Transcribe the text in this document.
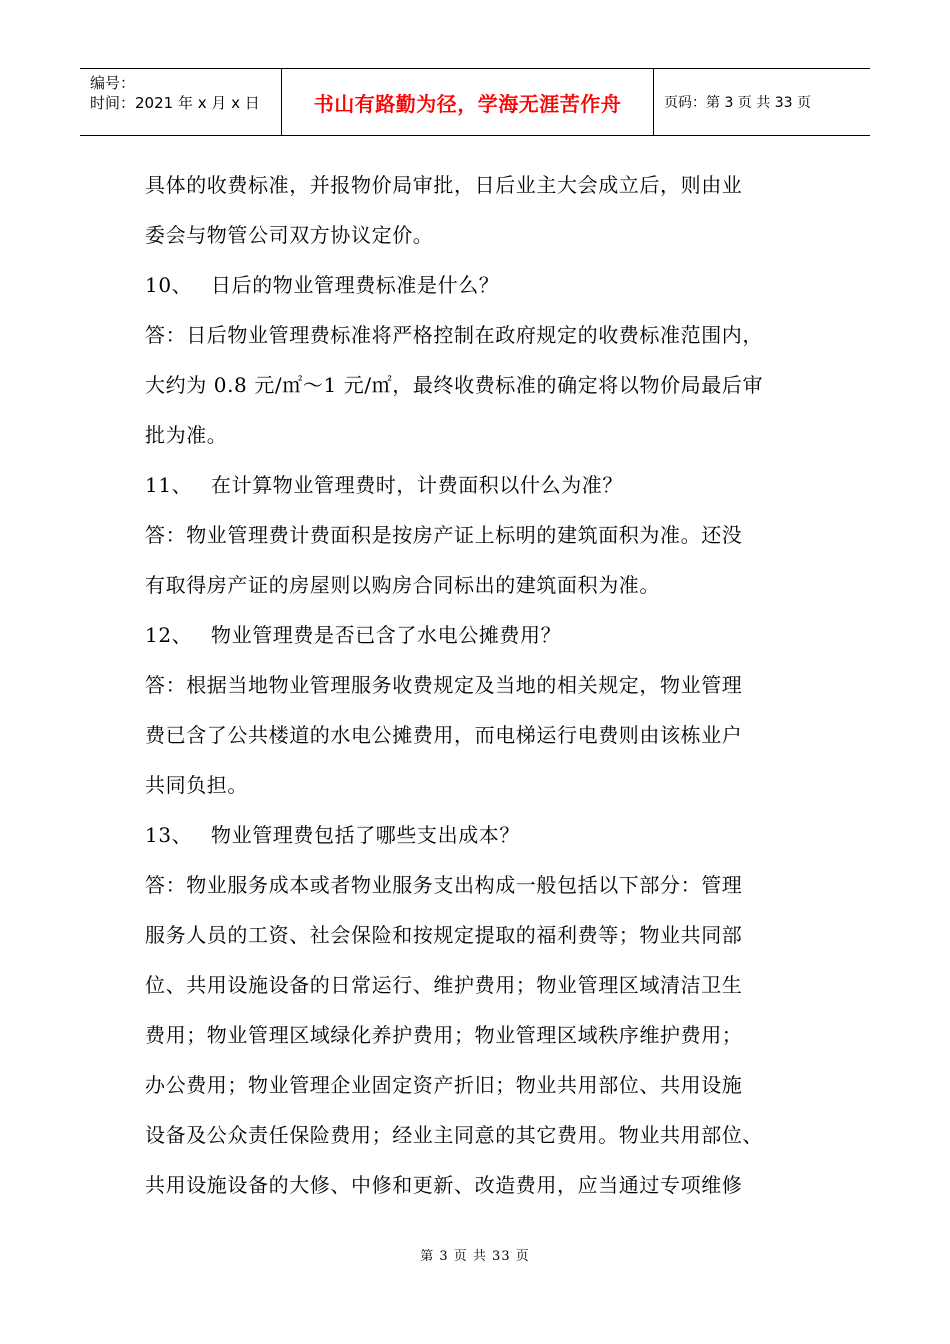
编号：
时间：2021 年 x 月 x 日	书山有路勤为径，学海无涯苦作舟	页码：第 3 页 共 33 页
具体的收费标准，并报物价局审批，日后业主大会成立后，则由业
委会与物管公司双方协议定价。
10、 日后的物业管理费标准是什么？
答：日后物业管理费标准将严格控制在政府规定的收费标准范围内，
大约为 0.8 元/㎡～1 元/㎡，最终收费标准的确定将以物价局最后审
批为准。
11、 在计算物业管理费时，计费面积以什么为准？
答：物业管理费计费面积是按房产证上标明的建筑面积为准。还没
有取得房产证的房屋则以购房合同标出的建筑面积为准。
12、 物业管理费是否已含了水电公摊费用？
答：根据当地物业管理服务收费规定及当地的相关规定，物业管理
费已含了公共楼道的水电公摊费用，而电梯运行电费则由该栋业户
共同负担。
13、 物业管理费包括了哪些支出成本？
答：物业服务成本或者物业服务支出构成一般包括以下部分：管理
服务人员的工资、社会保险和按规定提取的福利费等；物业共同部
位、共用设施设备的日常运行、维护费用；物业管理区域清洁卫生
费用；物业管理区域绿化养护费用；物业管理区域秩序维护费用；
办公费用；物业管理企业固定资产折旧；物业共用部位、共用设施
设备及公众责任保险费用；经业主同意的其它费用。物业共用部位、
共用设施设备的大修、中修和更新、改造费用，应当通过专项维修
第 3 页 共 33 页
